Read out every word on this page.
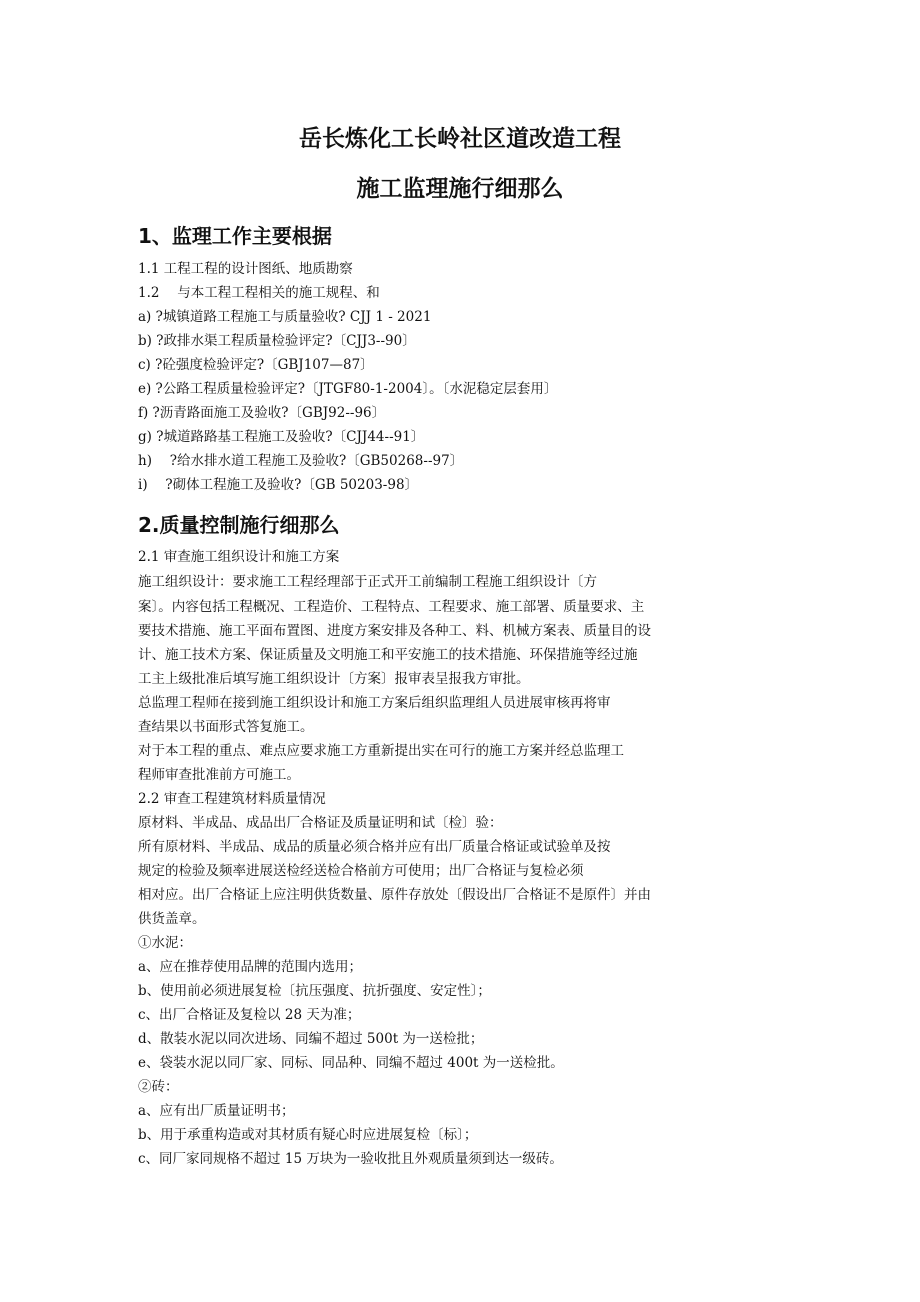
岳长炼化工长岭社区道改造工程
施工监理施行细那么
1、监理工作主要根据
1.1 工程工程的设计图纸、地质勘察
1.2　 与本工程工程相关的施工规程、和
a) ?城镇道路工程施工与质量验收? CJJ 1 - 2021
b) ?政排水渠工程质量检验评定?〔CJJ3--90〕
c) ?砼强度检验评定?〔GBJ107—87〕
e) ?公路工程质量检验评定?〔JTGF80-1-2004〕。〔水泥稳定层套用〕
f) ?沥青路面施工及验收?〔GBJ92--96〕
g) ?城道路路基工程施工及验收?〔CJJ44--91〕
h)　 ?给水排水道工程施工及验收?〔GB50268--97〕
i)　 ?砌体工程施工及验收?〔GB 50203-98〕
2.质量控制施行细那么
2.1 审查施工组织设计和施工方案
施工组织设计：要求施工工程经理部于正式开工前编制工程施工组织设计〔方
案〕。内容包括工程概况、工程造价、工程特点、工程要求、施工部署、质量要求、主
要技术措施、施工平面布置图、进度方案安排及各种工、料、机械方案表、质量目的设
计、施工技术方案、保证质量及文明施工和平安施工的技术措施、环保措施等经过施
工主上级批准后填写施工组织设计〔方案〕报审表呈报我方审批。
总监理工程师在接到施工组织设计和施工方案后组织监理组人员进展审核再将审
查结果以书面形式答复施工。
对于本工程的重点、难点应要求施工方重新提出实在可行的施工方案并经总监理工
程师审查批准前方可施工。
2.2 审查工程建筑材料质量情况
原材料、半成品、成品出厂合格证及质量证明和试〔检〕验：
所有原材料、半成品、成品的质量必须合格并应有出厂质量合格证或试验单及按
规定的检验及频率进展送检经送检合格前方可使用；出厂合格证与复检必须
相对应。出厂合格证上应注明供货数量、原件存放处〔假设出厂合格证不是原件〕并由
供货盖章。
①水泥：
a、应在推荐使用品牌的范围内选用；
b、使用前必须进展复检〔抗压强度、抗折强度、安定性〕；
c、出厂合格证及复检以 28 天为准；
d、散装水泥以同次进场、同编不超过 500t 为一送检批；
e、袋装水泥以同厂家、同标、同品种、同编不超过 400t 为一送检批。
②砖：
a、应有出厂质量证明书；
b、用于承重构造或对其材质有疑心时应进展复检〔标〕；
c、同厂家同规格不超过 15 万块为一验收批且外观质量须到达一级砖。
